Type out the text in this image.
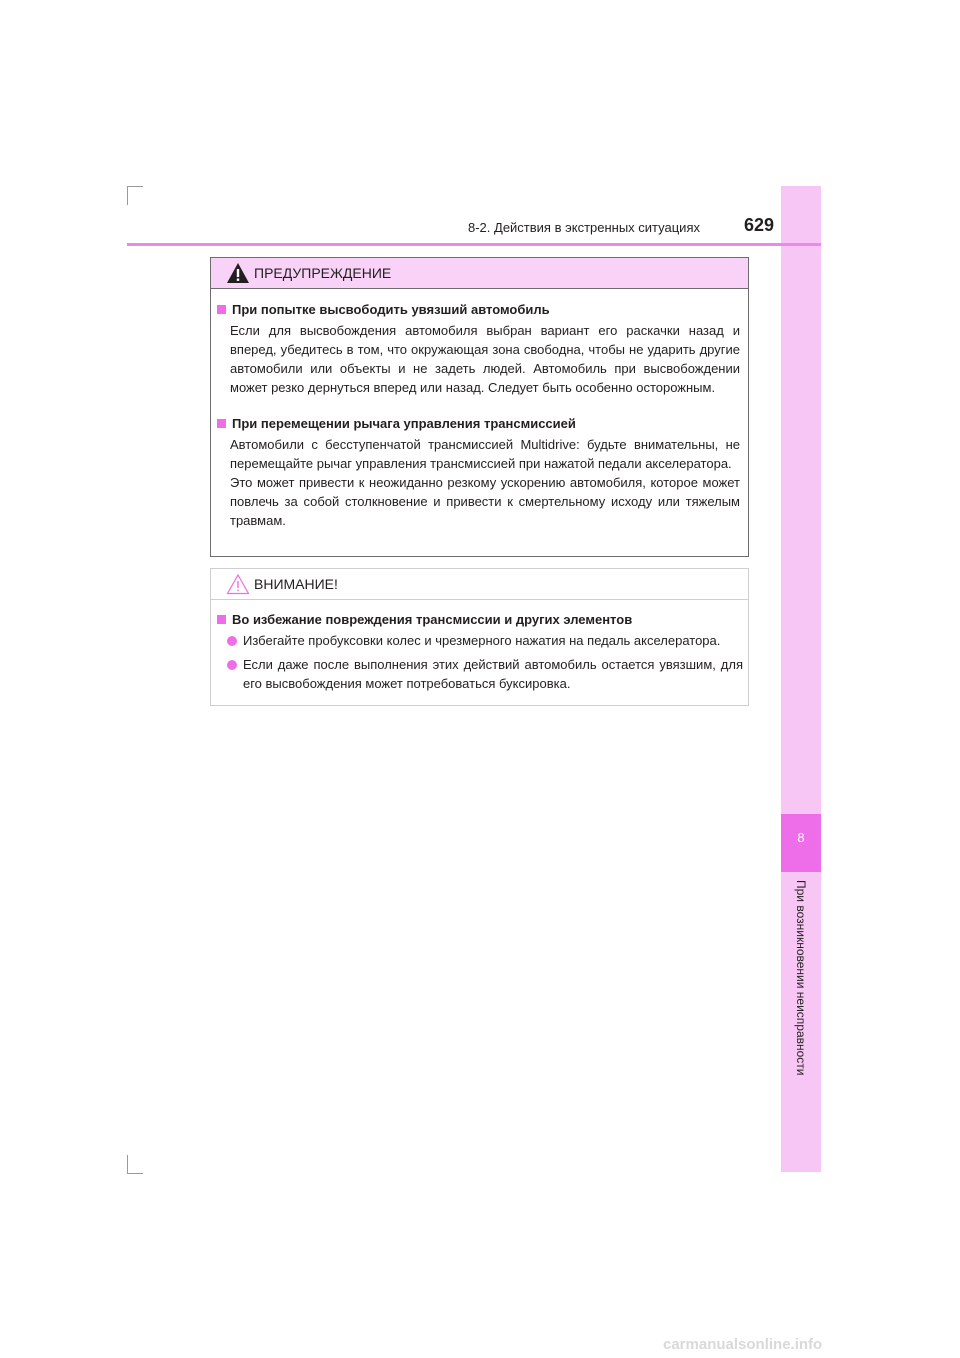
8
При возникновении неисправности
8-2. Действия в экстренных ситуациях 629
ПРЕДУПРЕЖДЕНИЕ
При попытке высвободить увязший автомобиль

Если для высвобождения автомобиля выбран вариант его раскачки назад и вперед, убедитесь в том, что окружающая зона свободна, чтобы не ударить другие автомобили или объекты и не задеть людей. Автомобиль при высвобождении может резко дернуться вперед или назад. Следует быть особенно осторожным.

При перемещении рычага управления трансмиссией

Автомобили с бесступенчатой трансмиссией Multidrive: будьте внимательны, не перемещайте рычаг управления трансмиссией при нажатой педали акселератора.

Это может привести к неожиданно резкому ускорению автомобиля, которое может повлечь за собой столкновение и привести к смертельному исходу или тяжелым травмам.

ВНИМАНИЕ!
Во избежание повреждения трансмиссии и других элементов
Избегайте пробуксовки колес и чрезмерного нажатия на педаль акселератора.
Если даже после выполнения этих действий автомобиль остается увязшим, для его высвобождения может потребоваться буксировка.
carmanualsonline.info
